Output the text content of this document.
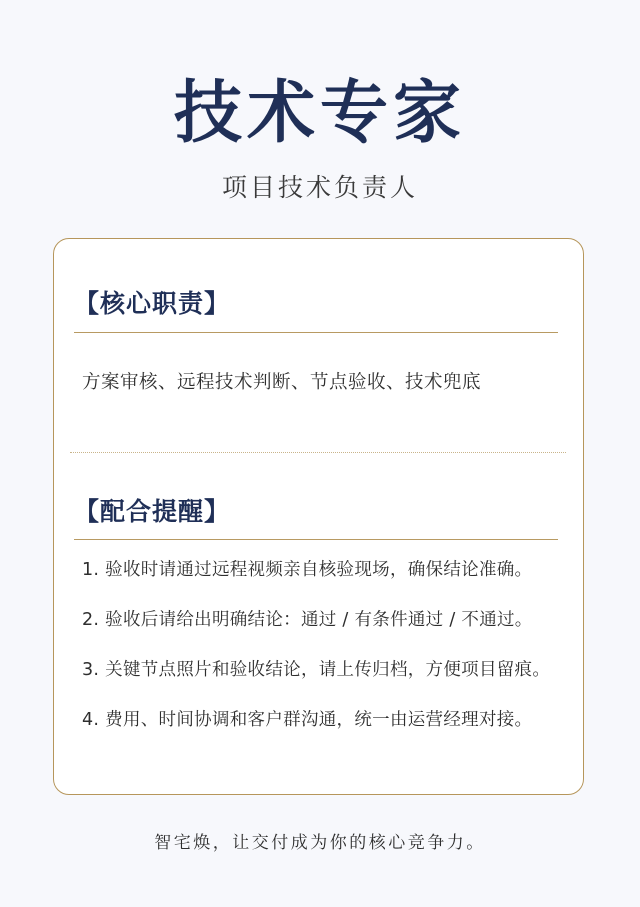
技术专家
项目技术负责人
【核心职责】
方案审核、远程技术判断、节点验收、技术兜底
【配合提醒】
1. 验收时请通过远程视频亲自核验现场，确保结论准确。
2. 验收后请给出明确结论：通过 / 有条件通过 / 不通过。
3. 关键节点照片和验收结论，请上传归档，方便项目留痕。
4. 费用、时间协调和客户群沟通，统一由运营经理对接。
智宅焕，让交付成为你的核心竞争力。
